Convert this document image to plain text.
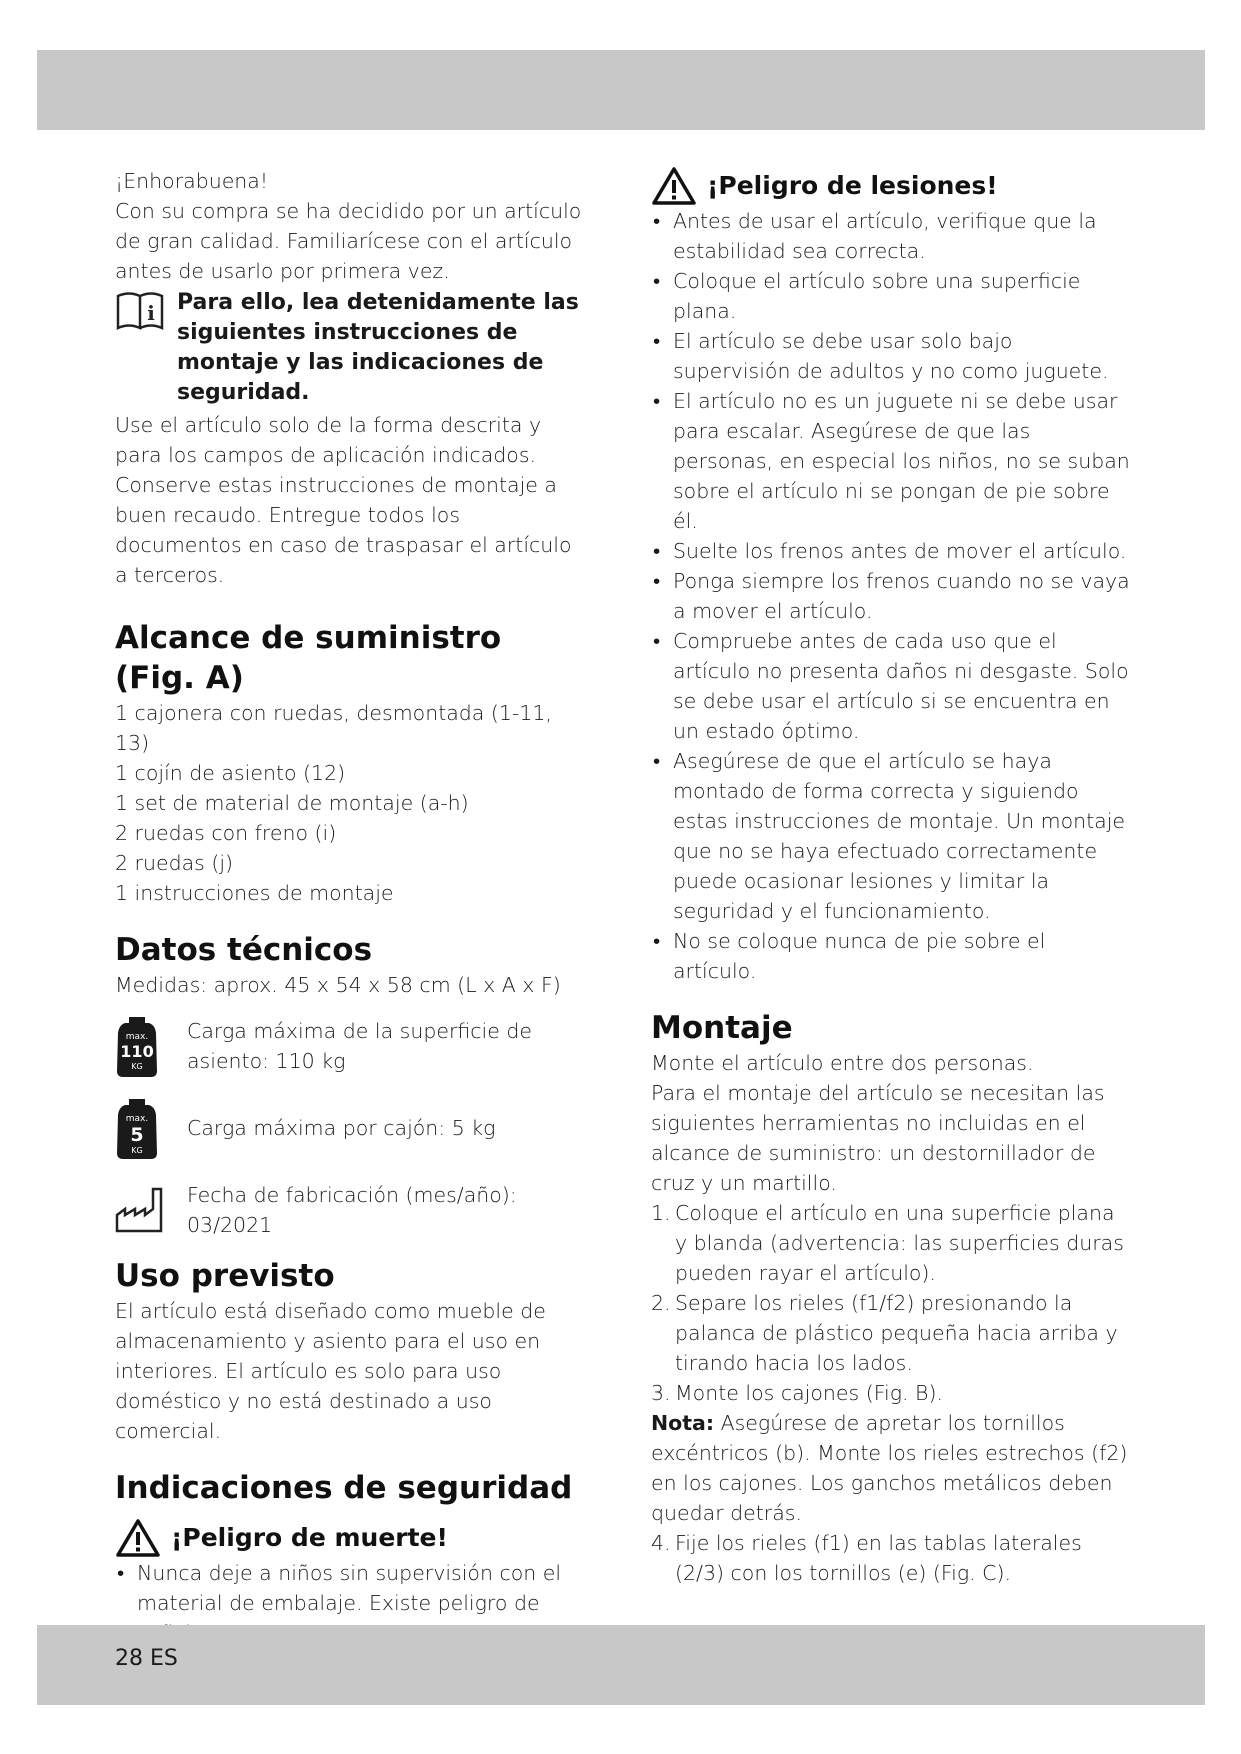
¡Enhorabuena!

Con su compra se ha decidido por un artículo de gran calidad. Familiarícese con el artículo antes de usarlo por primera vez.

i Para ello, lea detenidamente las siguientes instrucciones de montaje y las indicaciones de seguridad.

Use el artículo solo de la forma descrita y para los campos de aplicación indicados. Conserve estas instrucciones de montaje a buen recaudo. Entregue todos los documentos en caso de traspasar el artículo a terceros.

Alcance de suministro (Fig. A)
1 cajonera con ruedas, desmontada (1-11, 13)
1 cojín de asiento (12)
1 set de material de montaje (a-h)
2 ruedas con freno (i)
2 ruedas (j)
1 instrucciones de montaje
Datos técnicos

Medidas: aprox. 45 x 54 x 58 cm (L x A x F)

max.
110
KG
Carga máxima de la superficie de asiento: 110 kg
max.
5
KG
Carga máxima por cajón: 5 kg
Fecha de fabricación (mes/año): 03/2021
Uso previsto

El artículo está diseñado como mueble de almacenamiento y asiento para el uso en interiores. El artículo es solo para uso doméstico y no está destinado a uso comercial.

Indicaciones de seguridad
¡Peligro de muerte!
• Nunca deje a niños sin supervisión con el material de embalaje. Existe peligro de
¡Peligro de lesiones!
• Antes de usar el artículo, verifique que la estabilidad sea correcta.
• Coloque el artículo sobre una superficie plana.
• El artículo se debe usar solo bajo supervisión de adultos y no como juguete.
• El artículo no es un juguete ni se debe usar para escalar. Asegúrese de que las personas, en especial los niños, no se suban sobre el artículo ni se pongan de pie sobre él.
• Suelte los frenos antes de mover el artículo.
• Ponga siempre los frenos cuando no se vaya a mover el artículo.
• Compruebe antes de cada uso que el artículo no presenta daños ni desgaste. Solo se debe usar el artículo si se encuentra en un estado óptimo.
• Asegúrese de que el artículo se haya montado de forma correcta y siguiendo estas instrucciones de montaje. Un montaje que no se haya efectuado correctamente puede ocasionar lesiones y limitar la seguridad y el funcionamiento.
• No se coloque nunca de pie sobre el artículo.
Montaje

Monte el artículo entre dos personas.

Para el montaje del artículo se necesitan las siguientes herramientas no incluidas en el alcance de suministro: un destornillador de cruz y un martillo.

1. Coloque el artículo en una superficie plana y blanda (advertencia: las superficies duras pueden rayar el artículo).
2. Separe los rieles (f1/f2) presionando la palanca de plástico pequeña hacia arriba y tirando hacia los lados.
3. Monte los cajones (Fig. B).

Nota: Asegúrese de apretar los tornillos excéntricos (b). Monte los rieles estrechos (f2) en los cajones. Los ganchos metálicos deben quedar detrás.

4. Fije los rieles (f1) en las tablas laterales (2/3) con los tornillos (e) (Fig. C).
28 ES
